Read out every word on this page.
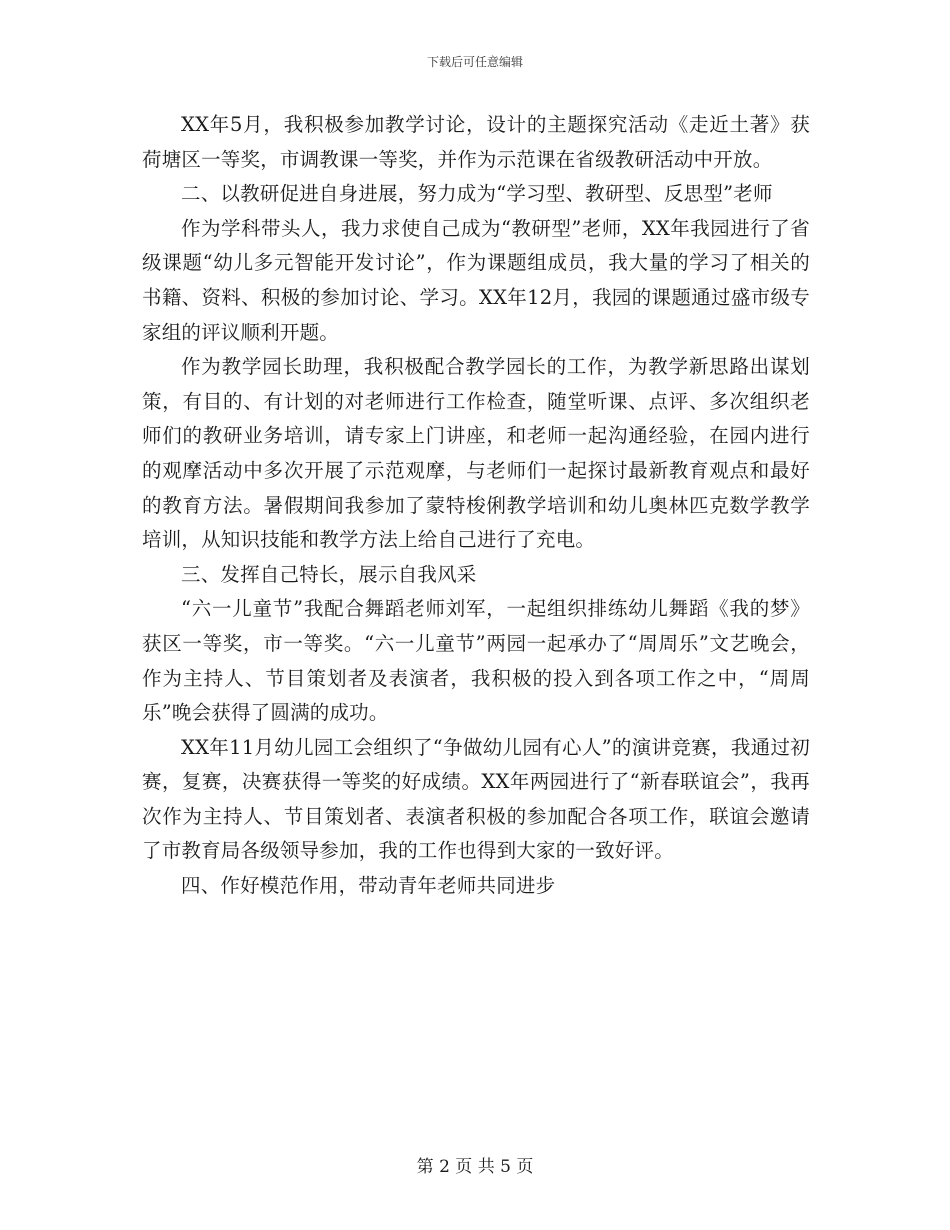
下载后可任意编辑

XX年5月，我积极参加教学讨论，设计的主题探究活动《走近土著》获荷塘区一等奖，市调教课一等奖，并作为示范课在省级教研活动中开放。

二、以教研促进自身进展，努力成为“学习型、教研型、反思型”老师

作为学科带头人，我力求使自己成为“教研型”老师，XX年我园进行了省级课题“幼儿多元智能开发讨论”，作为课题组成员，我大量的学习了相关的书籍、资料、积极的参加讨论、学习。XX年12月，我园的课题通过盛市级专家组的评议顺利开题。

作为教学园长助理，我积极配合教学园长的工作，为教学新思路出谋划策，有目的、有计划的对老师进行工作检查，随堂听课、点评、多次组织老师们的教研业务培训，请专家上门讲座，和老师一起沟通经验，在园内进行的观摩活动中多次开展了示范观摩，与老师们一起探讨最新教育观点和最好的教育方法。暑假期间我参加了蒙特梭俐教学培训和幼儿奥林匹克数学教学培训，从知识技能和教学方法上给自己进行了充电。

三、发挥自己特长，展示自我风采

“六一儿童节”我配合舞蹈老师刘军，一起组织排练幼儿舞蹈《我的梦》获区一等奖，市一等奖。“六一儿童节”两园一起承办了“周周乐”文艺晚会，作为主持人、节目策划者及表演者，我积极的投入到各项工作之中，“周周乐”晚会获得了圆满的成功。

XX年11月幼儿园工会组织了“争做幼儿园有心人”的演讲竞赛，我通过初赛，复赛，决赛获得一等奖的好成绩。XX年两园进行了“新春联谊会”，我再次作为主持人、节目策划者、表演者积极的参加配合各项工作，联谊会邀请了市教育局各级领导参加，我的工作也得到大家的一致好评。

四、作好模范作用，带动青年老师共同进步

第 2 页 共 5 页
